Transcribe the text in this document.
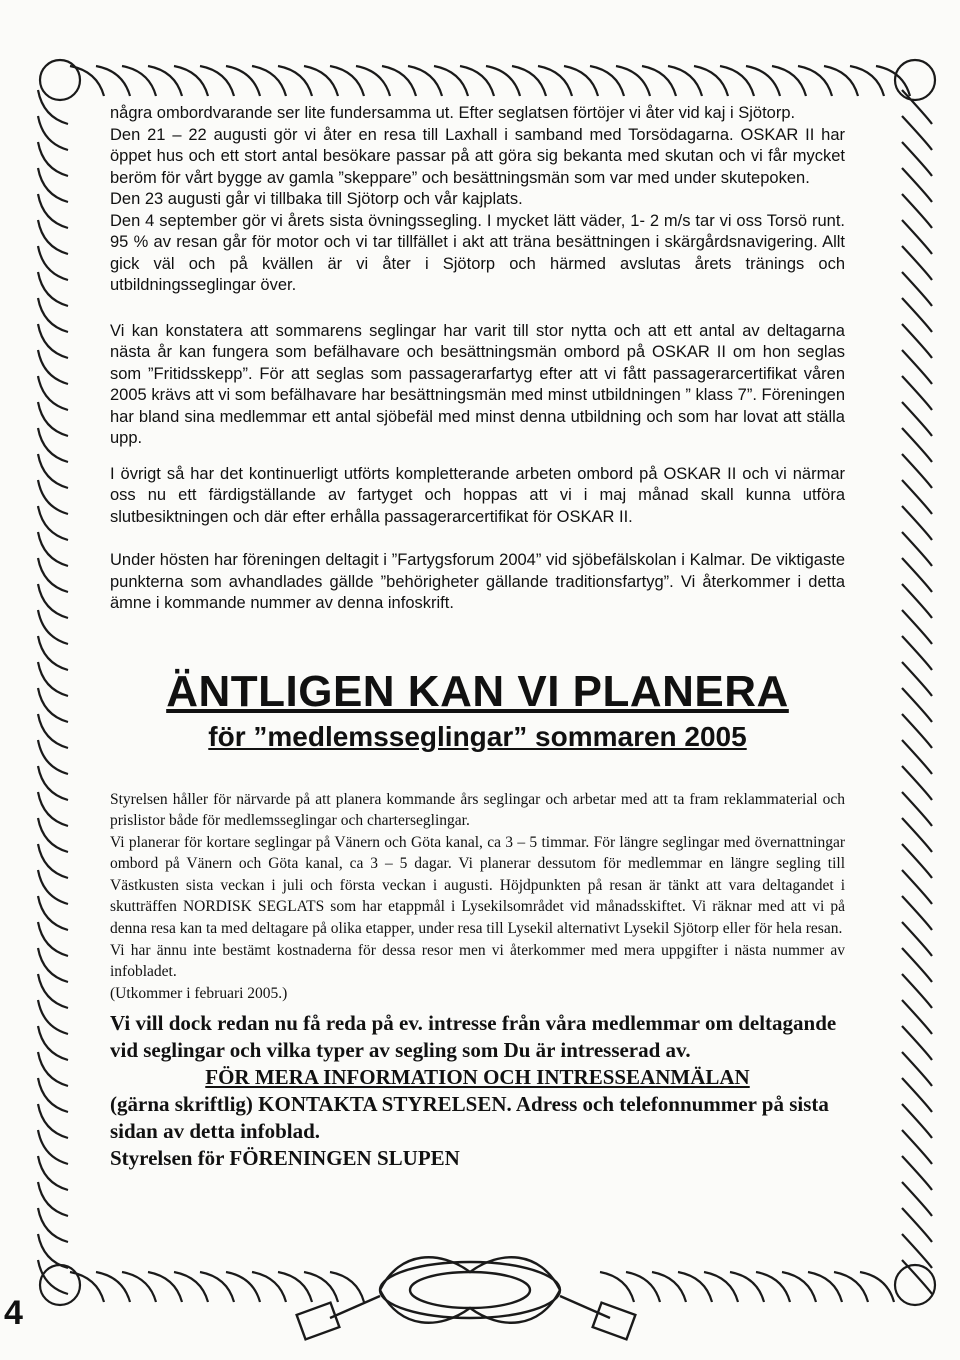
några ombordvarande ser lite fundersamma ut. Efter seglatsen förtöjer vi åter vid kaj i Sjötorp.

Den 21 – 22 augusti gör vi åter en resa till Laxhall i samband med Torsödagarna. OSKAR II har öppet hus och ett stort antal besökare passar på att göra sig bekanta med skutan och vi får mycket beröm för vårt bygge av gamla ”skeppare” och besättningsmän som var med under skutepoken.

Den 23 augusti går vi tillbaka till Sjötorp och vår kajplats.

Den 4 september gör vi årets sista övningssegling. I mycket lätt väder, 1- 2 m/s tar vi oss Torsö runt. 95 % av resan går för motor och vi tar tillfället i akt att träna besättningen i skärgårdsnavigering. Allt gick väl och på kvällen är vi åter i Sjötorp och härmed avslutas årets tränings och utbildningsseglingar över.

Vi kan konstatera att sommarens seglingar har varit till stor nytta och att ett antal av deltagarna nästa år kan fungera som befälhavare och besättningsmän ombord på OSKAR II om hon seglas som ”Fritidsskepp”. För att seglas som passagerarfartyg efter att vi fått passagerarcertifikat våren 2005 krävs att vi som befälhavare har besättningsmän med minst utbildningen ” klass 7”. Föreningen har bland sina medlemmar ett antal sjöbefäl med minst denna utbildning och som har lovat att ställa upp.

I övrigt så har det kontinuerligt utförts kompletterande arbeten ombord på OSKAR II och vi närmar oss nu ett färdigställande av fartyget och hoppas att vi i maj månad skall kunna utföra slutbesiktningen och där efter erhålla passagerarcertifikat för OSKAR II.

Under hösten har föreningen deltagit i ”Fartygsforum 2004” vid sjöbefälskolan i Kalmar. De viktigaste punkterna som avhandlades gällde ”behörigheter gällande traditionsfartyg”. Vi återkommer i detta ämne i kommande nummer av denna infoskrift.

ÄNTLIGEN KAN VI PLANERA
för ”medlemsseglingar” sommaren 2005

Styrelsen håller för närvarde på att planera kommande års seglingar och arbetar med att ta fram reklammaterial och prislistor både för medlemsseglingar och charterseglingar.

Vi planerar för kortare seglingar på Vänern och Göta kanal, ca 3 – 5 timmar. För längre seglingar med övernattningar ombord på Vänern och Göta kanal, ca 3 – 5 dagar. Vi planerar dessutom för medlemmar en längre segling till Västkusten sista veckan i juli och första veckan i augusti. Höjdpunkten på resan är tänkt att vara deltagandet i skutträffen NORDISK SEGLATS som har etappmål i Lysekilsområdet vid månadsskiftet. Vi räknar med att vi på denna resa kan ta med deltagare på olika etapper, under resa till Lysekil alternativt Lysekil Sjötorp eller för hela resan.

Vi har ännu inte bestämt kostnaderna för dessa resor men vi återkommer med mera uppgifter i nästa nummer av infobladet.

(Utkommer i februari 2005.)

Vi vill dock redan nu få reda på ev. intresse från våra medlemmar om deltagande vid seglingar och vilka typer av segling som Du är intresserad av.

FÖR MERA INFORMATION OCH INTRESSEANMÄLAN

(gärna skriftlig) KONTAKTA STYRELSEN. Adress och telefonnummer på sista sidan av detta infoblad.

Styrelsen för FÖRENINGEN SLUPEN

4
